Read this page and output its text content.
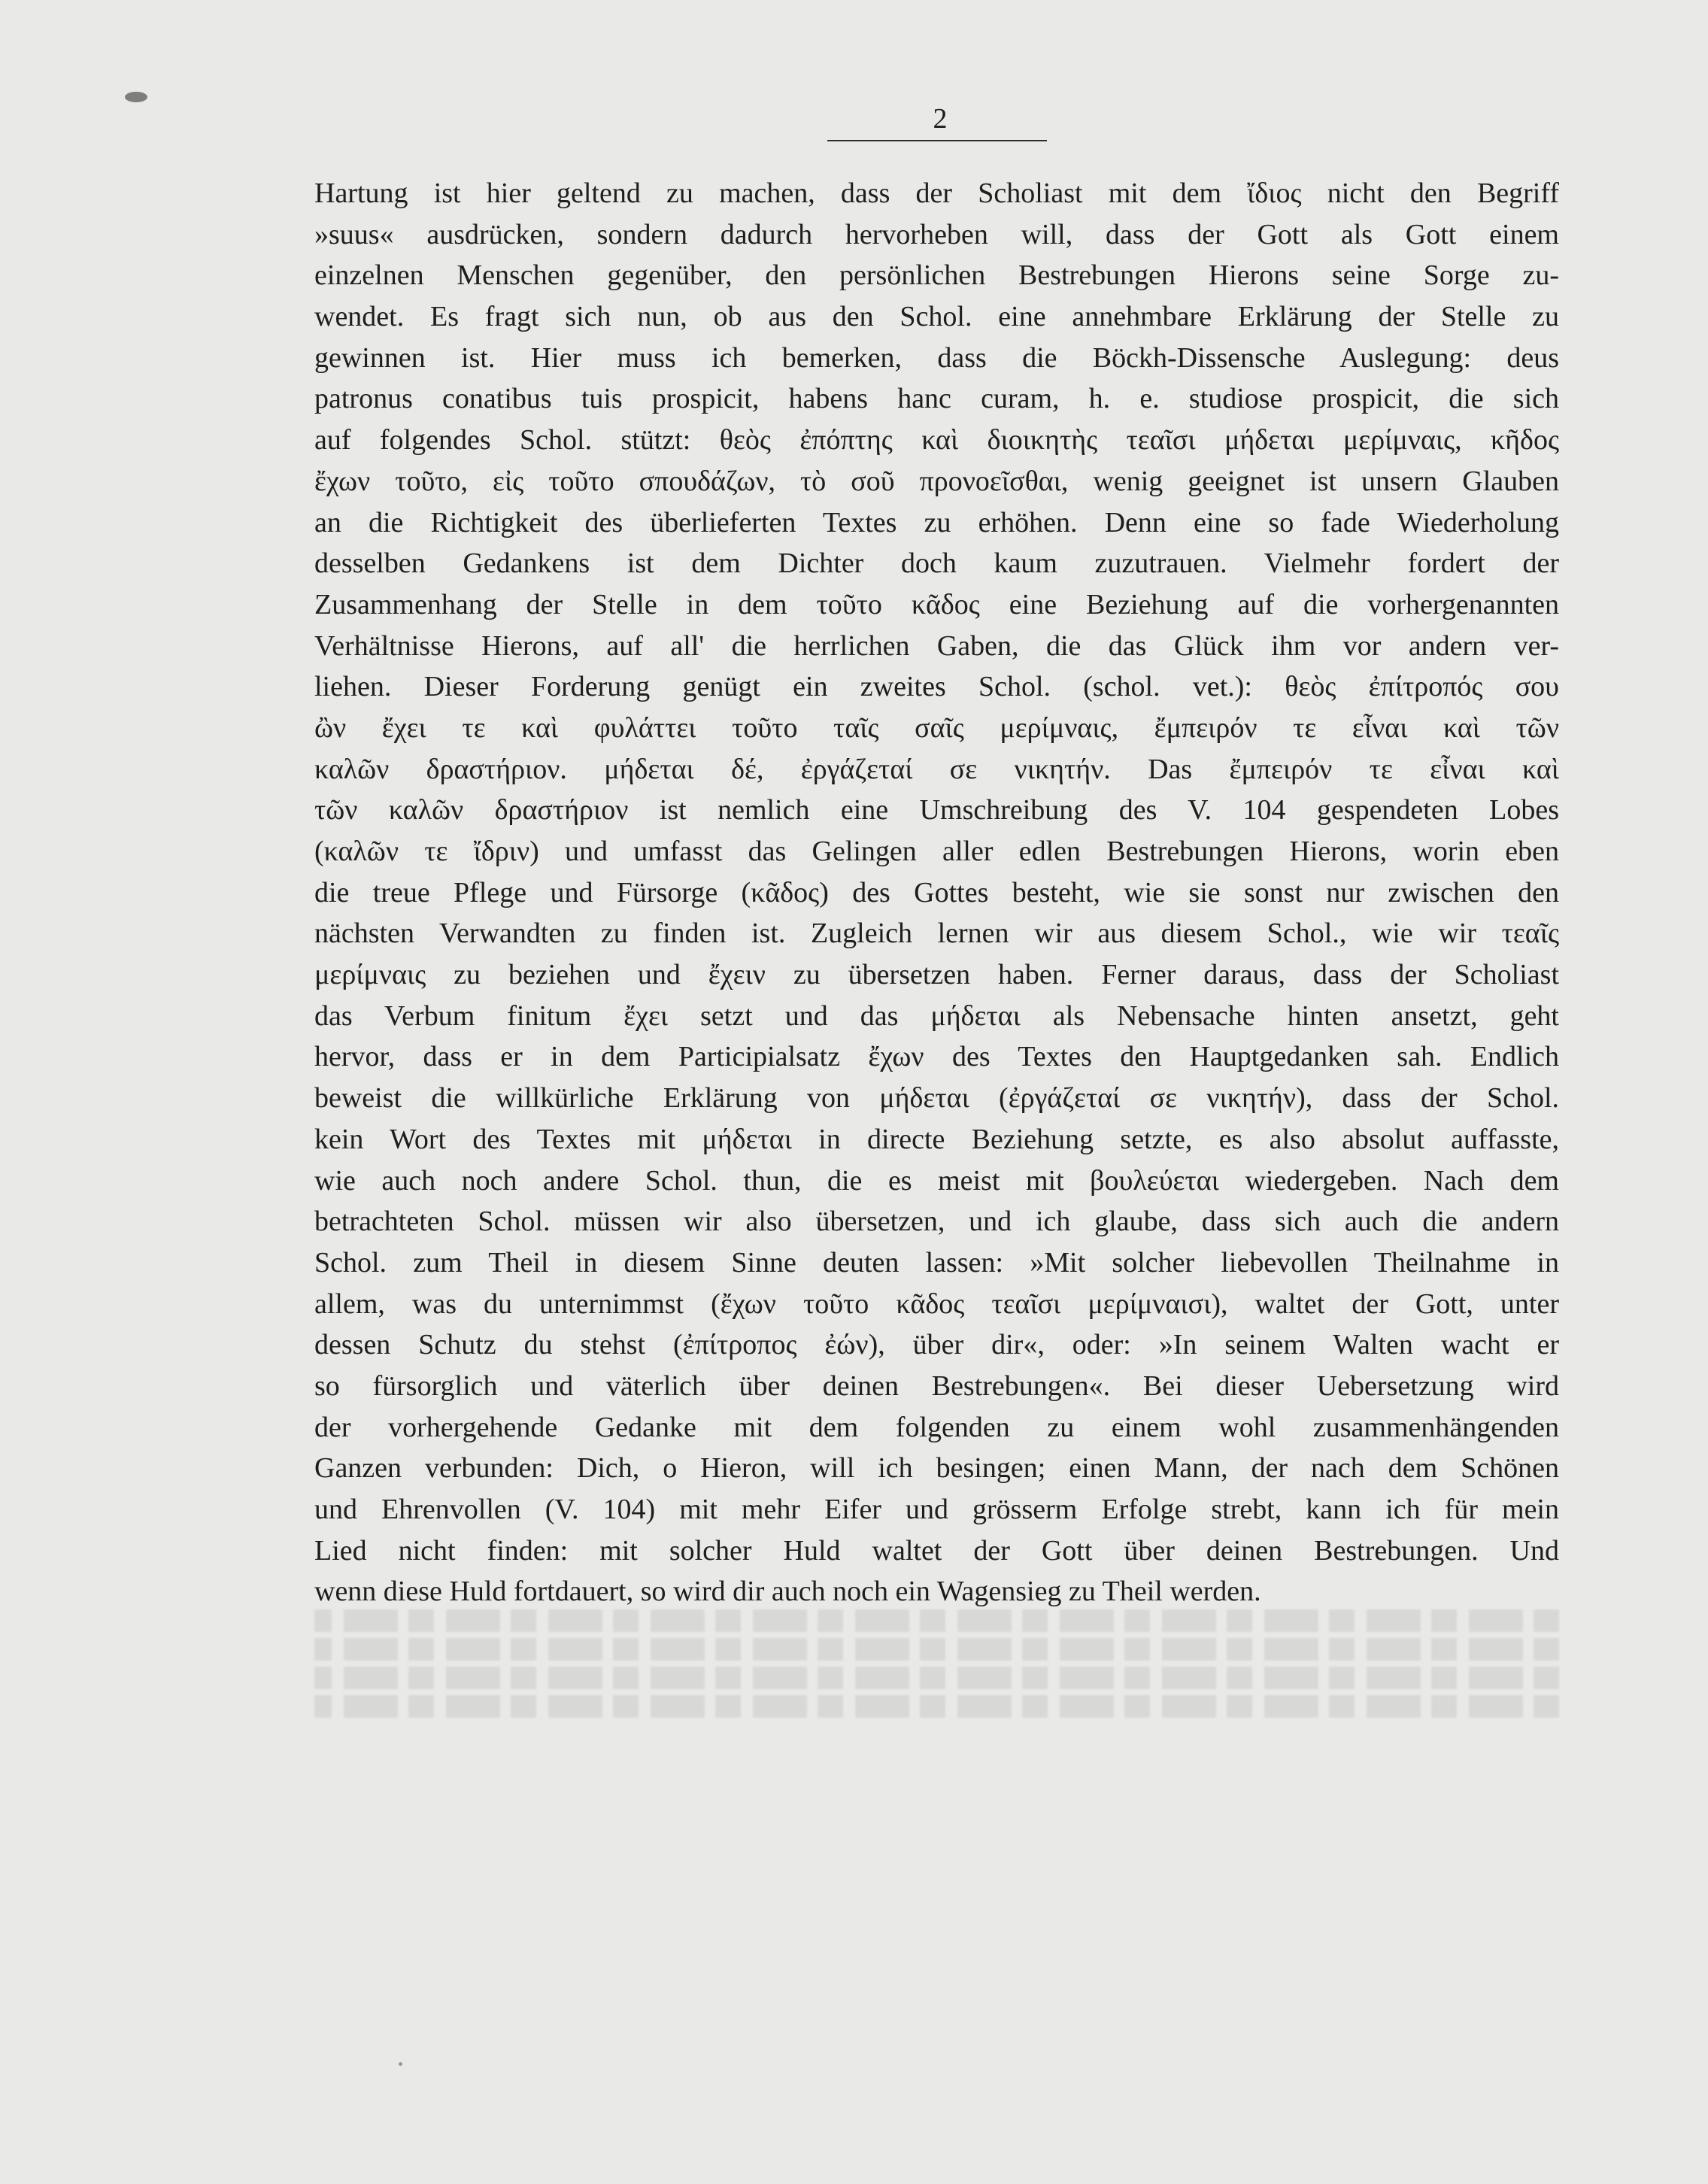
2
Hartung ist hier geltend zu machen, dass der Scholiast mit dem ἴδιος nicht den Begriff
»suus« ausdrücken, sondern dadurch hervorheben will, dass der Gott als Gott einem
einzelnen Menschen gegenüber, den persönlichen Bestrebungen Hierons seine Sorge zu-
wendet. Es fragt sich nun, ob aus den Schol. eine annehmbare Erklärung der Stelle zu
gewinnen ist. Hier muss ich bemerken, dass die Böckh-Dissensche Auslegung: deus
patronus conatibus tuis prospicit, habens hanc curam, h. e. studiose prospicit, die sich
auf folgendes Schol. stützt: θεὸς ἐπόπτης καὶ διοικητὴς τεαῖσι μήδεται μερίμναις, κῆδος
ἔχων τοῦτο, εἰς τοῦτο σπουδάζων, τὸ σοῦ προνοεῖσθαι, wenig geeignet ist unsern Glauben
an die Richtigkeit des überlieferten Textes zu erhöhen. Denn eine so fade Wiederholung
desselben Gedankens ist dem Dichter doch kaum zuzutrauen. Vielmehr fordert der
Zusammenhang der Stelle in dem τοῦτο κᾶδος eine Beziehung auf die vorhergenannten
Verhältnisse Hierons, auf all' die herrlichen Gaben, die das Glück ihm vor andern ver-
liehen. Dieser Forderung genügt ein zweites Schol. (schol. vet.): θεὸς ἐπίτροπός σου
ὢν ἔχει τε καὶ φυλάττει τοῦτο ταῖς σαῖς μερίμναις, ἔμπειρόν τε εἶναι καὶ τῶν
καλῶν δραστήριον. μήδεται δέ, ἐργάζεταί σε νικητήν. Das ἔμπειρόν τε εἶναι καὶ
τῶν καλῶν δραστήριον ist nemlich eine Umschreibung des V. 104 gespendeten Lobes
(καλῶν τε ἴδριν) und umfasst das Gelingen aller edlen Bestrebungen Hierons, worin eben
die treue Pflege und Fürsorge (κᾶδος) des Gottes besteht, wie sie sonst nur zwischen den
nächsten Verwandten zu finden ist. Zugleich lernen wir aus diesem Schol., wie wir τεαῖς
μερίμναις zu beziehen und ἔχειν zu übersetzen haben. Ferner daraus, dass der Scholiast
das Verbum finitum ἔχει setzt und das μήδεται als Nebensache hinten ansetzt, geht
hervor, dass er in dem Participialsatz ἔχων des Textes den Hauptgedanken sah. Endlich
beweist die willkürliche Erklärung von μήδεται (ἐργάζεταί σε νικητήν), dass der Schol.
kein Wort des Textes mit μήδεται in directe Beziehung setzte, es also absolut auffasste,
wie auch noch andere Schol. thun, die es meist mit βουλεύεται wiedergeben. Nach dem
betrachteten Schol. müssen wir also übersetzen, und ich glaube, dass sich auch die andern
Schol. zum Theil in diesem Sinne deuten lassen: »Mit solcher liebevollen Theilnahme in
allem, was du unternimmst (ἔχων τοῦτο κᾶδος τεαῖσι μερίμναισι), waltet der Gott, unter
dessen Schutz du stehst (ἐπίτροπος ἐών), über dir«, oder: »In seinem Walten wacht er
so fürsorglich und väterlich über deinen Bestrebungen«. Bei dieser Uebersetzung wird
der vorhergehende Gedanke mit dem folgenden zu einem wohl zusammenhängenden
Ganzen verbunden: Dich, o Hieron, will ich besingen; einen Mann, der nach dem Schönen
und Ehrenvollen (V. 104) mit mehr Eifer und grösserm Erfolge strebt, kann ich für mein
Lied nicht finden: mit solcher Huld waltet der Gott über deinen Bestrebungen. Und
wenn diese Huld fortdauert, so wird dir auch noch ein Wagensieg zu Theil werden.
